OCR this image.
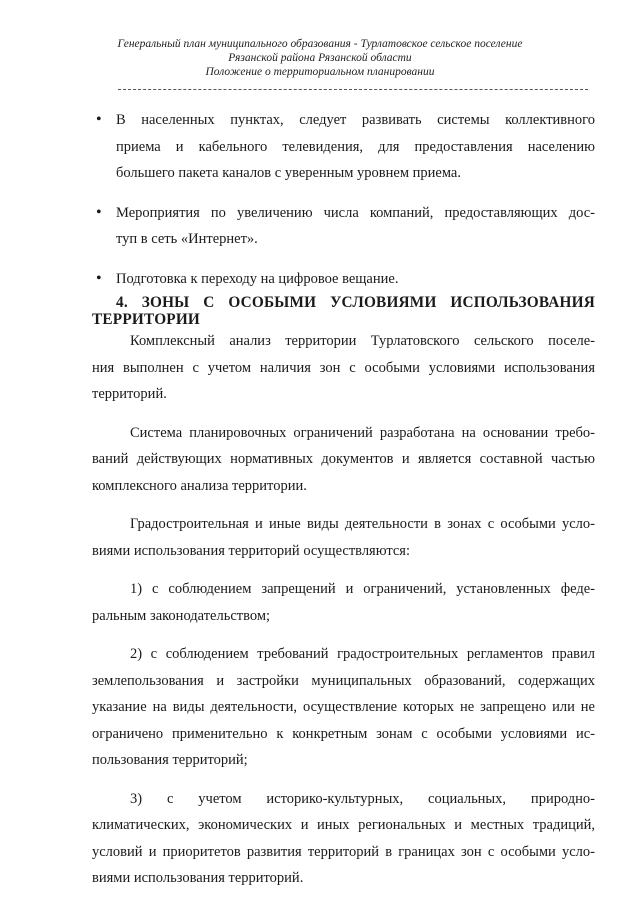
Генеральный план муниципального образования - Турлатовское сельское поселение
Рязанской района Рязанской области
Положение о территориальном планировании
• В населенных пунктах, следует развивать системы коллективного

приема и кабельного телевидения, для предоставления населению

большего пакета каналов с уверенным уровнем приема.

• Мероприятия по увеличению числа компаний, предоставляющих дос-

туп в сеть «Интернет».

• Подготовка к переходу на цифровое вещание.

4. ЗОНЫ С ОСОБЫМИ УСЛОВИЯМИ ИСПОЛЬЗОВАНИЯ

ТЕРРИТОРИИ

Комплексный анализ территории Турлатовского сельского поселе-

ния выполнен с учетом наличия зон с особыми условиями использования

территорий.

Система планировочных ограничений разработана на основании требо-

ваний действующих нормативных документов и является составной частью

комплексного анализа территории.

Градостроительная и иные виды деятельности в зонах с особыми усло-

виями использования территорий осуществляются:

1) с соблюдением запрещений и ограничений, установленных феде-

ральным законодательством;

2) с соблюдением требований градостроительных регламентов правил

землепользования и застройки муниципальных образований, содержащих

указание на виды деятельности, осуществление которых не запрещено или не

ограничено применительно к конкретным зонам с особыми условиями ис-

пользования территорий;

3) с учетом историко-культурных, социальных, природно-

климатических, экономических и иных региональных и местных традиций,

условий и приоритетов развития территорий в границах зон с особыми усло-

виями использования территорий.
